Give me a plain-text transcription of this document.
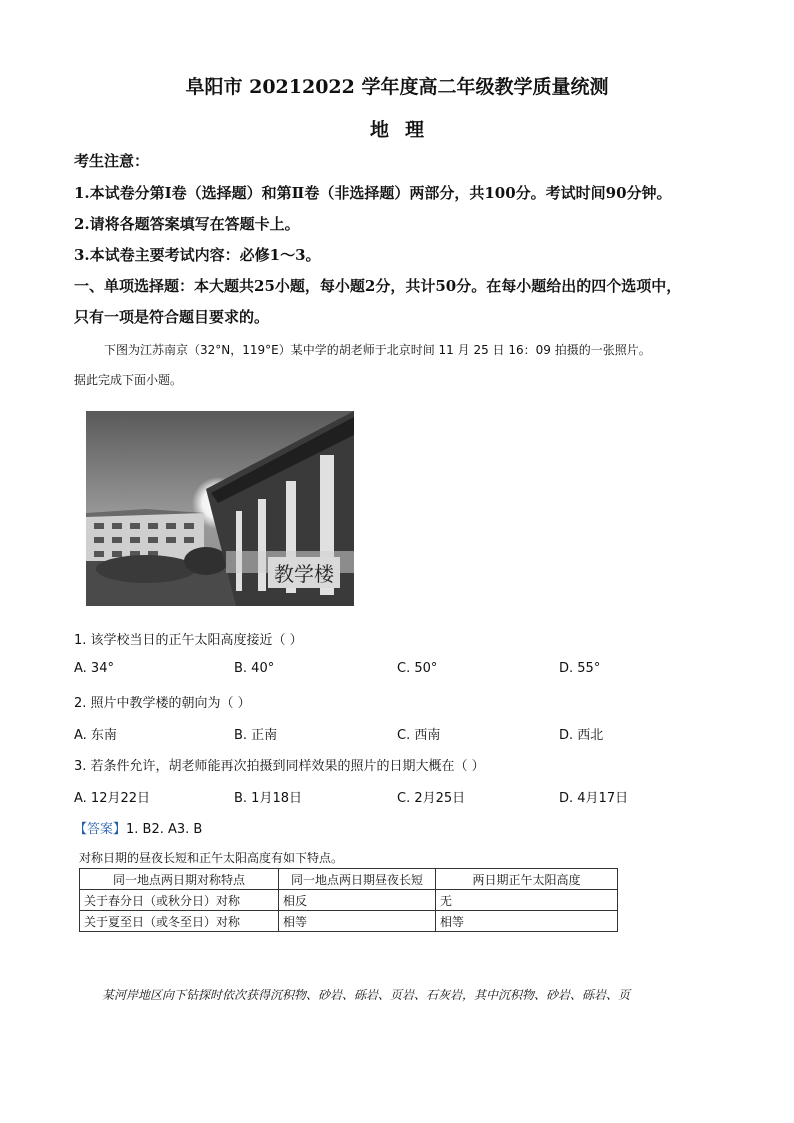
阜阳市 20212022 学年度高二年级教学质量统测
地理
考生注意：
1.本试卷分第Ⅰ卷（选择题）和第Ⅱ卷（非选择题）两部分，共100分。考试时间90分钟。
2.请将各题答案填写在答题卡上。
3.本试卷主要考试内容：必修1～3。
一、单项选择题：本大题共25小题，每小题2分，共计50分。在每小题给出的四个选项中，
只有一项是符合题目要求的。
下图为江苏南京（32°N，119°E）某中学的胡老师于北京时间 11 月 25 日 16：09 拍摄的一张照片。
据此完成下面小题。
教学楼
1. 该学校当日的正午太阳高度接近（ ）
A. 34°	B. 40°	C. 50°	D. 55°
2. 照片中教学楼的朝向为（ ）
A. 东南	B. 正南	C. 西南	D. 西北
3. 若条件允许，胡老师能再次拍摄到同样效果的照片的日期大概在（ ）
A. 12月22日	B. 1月18日	C. 2月25日	D. 4月17日
【答案】1. B2. A3. B
对称日期的昼夜长短和正午太阳高度有如下特点。
同一地点两日期对称特点	同一地点两日期昼夜长短	两日期正午太阳高度
关于春分日（或秋分日）对称	相反	无
关于夏至日（或冬至日）对称	相等	相等
某河岸地区向下钻探时依次获得沉积物、砂岩、砾岩、页岩、石灰岩，其中沉积物、砂岩、砾岩、页
